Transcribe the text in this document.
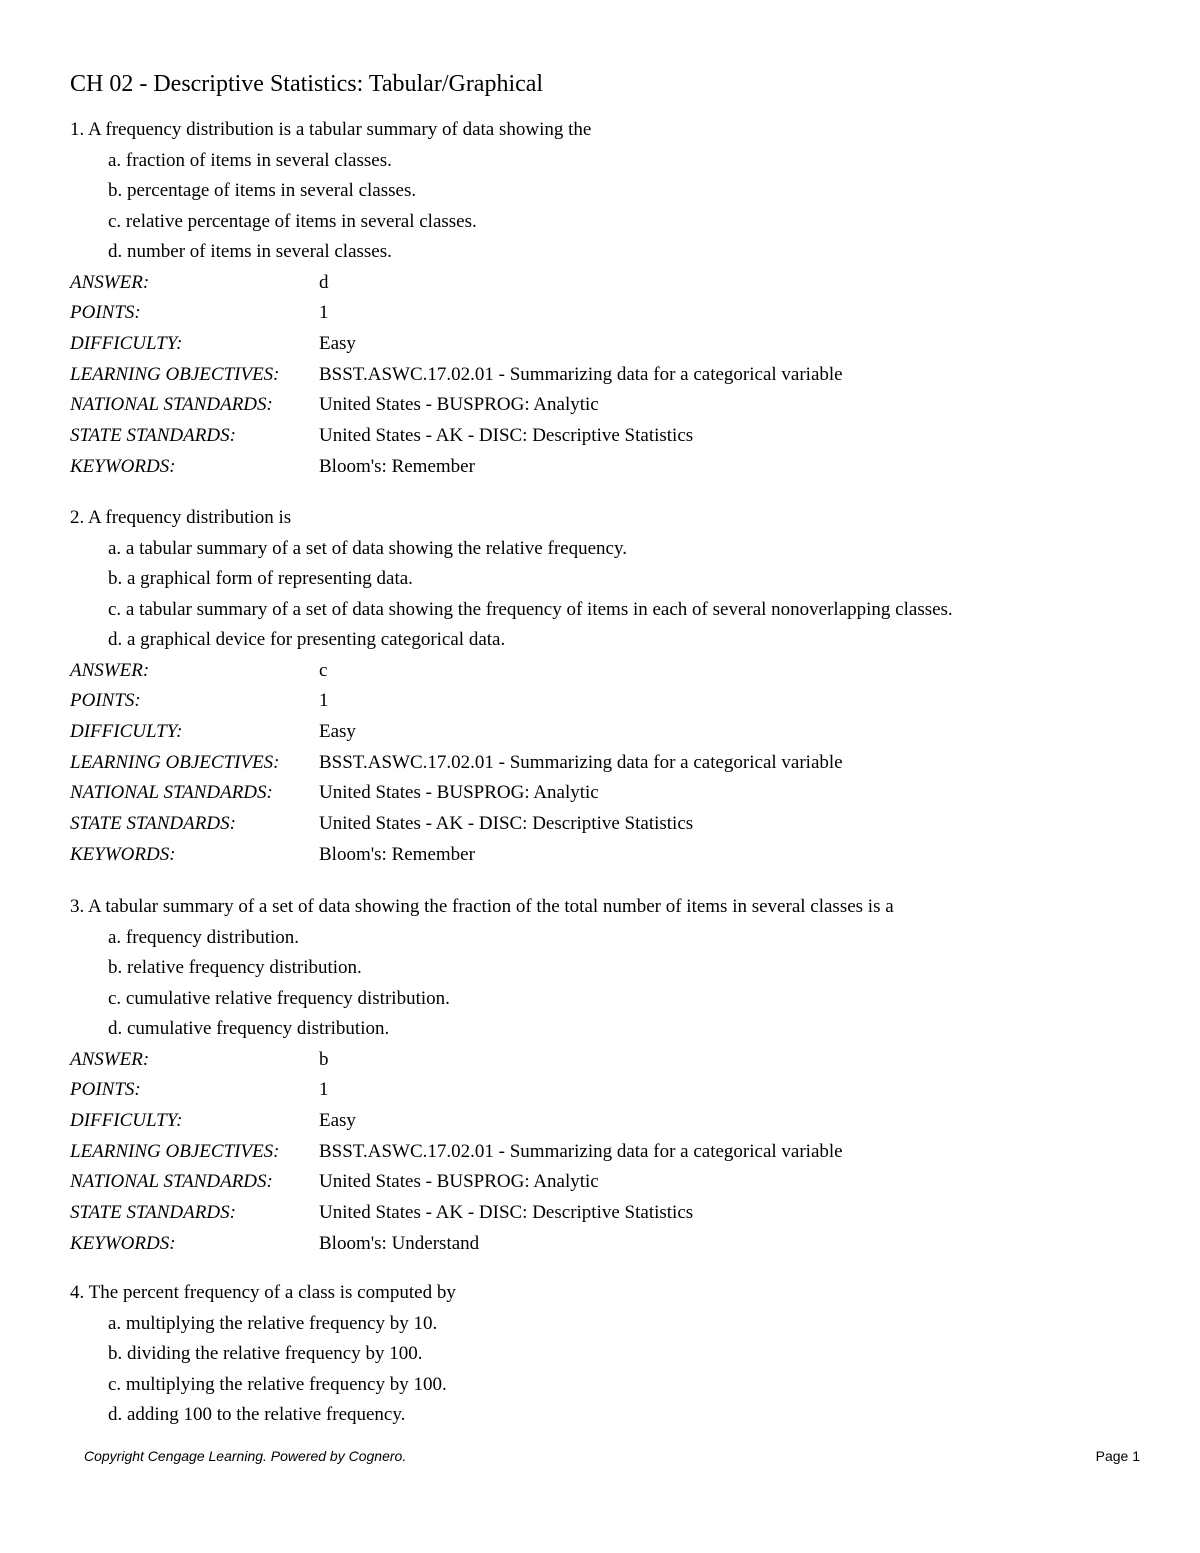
CH 02 - Descriptive Statistics: Tabular/Graphical
1. A frequency distribution is a tabular summary of data showing the
a. fraction of items in several classes.
b. percentage of items in several classes.
c. relative percentage of items in several classes.
d. number of items in several classes.
ANSWER:	d
POINTS:	1
DIFFICULTY:	Easy
LEARNING OBJECTIVES:	BSST.ASWC.17.02.01 - Summarizing data for a categorical variable
NATIONAL STANDARDS:	United States - BUSPROG: Analytic
STATE STANDARDS:	United States - AK - DISC: Descriptive Statistics
KEYWORDS:	Bloom's: Remember
2. A frequency distribution is
a. a tabular summary of a set of data showing the relative frequency.
b. a graphical form of representing data.
c. a tabular summary of a set of data showing the frequency of items in each of several nonoverlapping classes.
d. a graphical device for presenting categorical data.
ANSWER:	c
POINTS:	1
DIFFICULTY:	Easy
LEARNING OBJECTIVES:	BSST.ASWC.17.02.01 - Summarizing data for a categorical variable
NATIONAL STANDARDS:	United States - BUSPROG: Analytic
STATE STANDARDS:	United States - AK - DISC: Descriptive Statistics
KEYWORDS:	Bloom's: Remember
3. A tabular summary of a set of data showing the fraction of the total number of items in several classes is a
a. frequency distribution.
b. relative frequency distribution.
c. cumulative relative frequency distribution.
d. cumulative frequency distribution.
ANSWER:	b
POINTS:	1
DIFFICULTY:	Easy
LEARNING OBJECTIVES:	BSST.ASWC.17.02.01 - Summarizing data for a categorical variable
NATIONAL STANDARDS:	United States - BUSPROG: Analytic
STATE STANDARDS:	United States - AK - DISC: Descriptive Statistics
KEYWORDS:	Bloom's: Understand
4. The percent frequency of a class is computed by
a. multiplying the relative frequency by 10.
b. dividing the relative frequency by 100.
c. multiplying the relative frequency by 100.
d. adding 100 to the relative frequency.
Copyright Cengage Learning. Powered by Cognero.	Page 1
